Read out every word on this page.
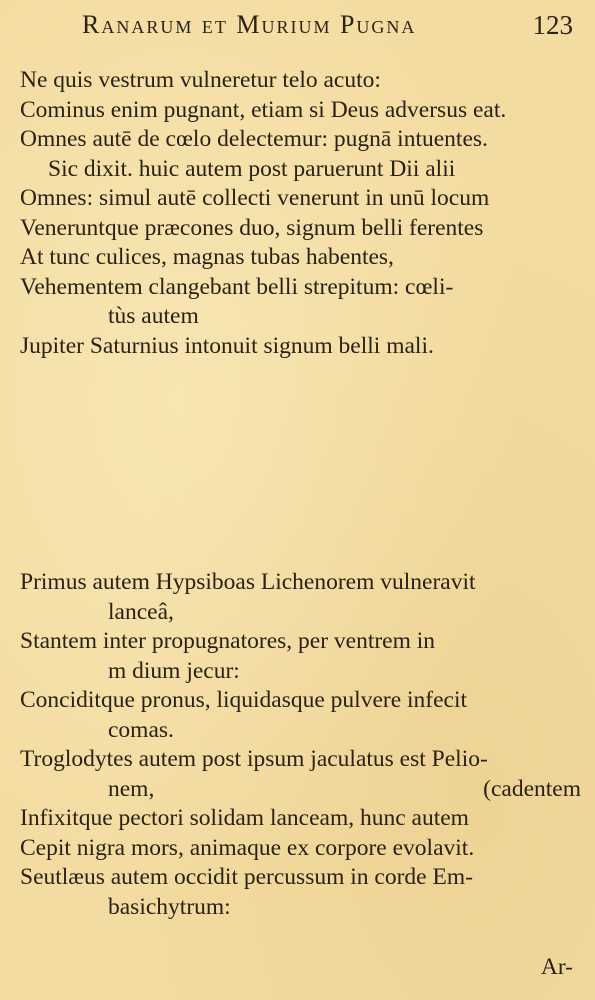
Ranarum et Murium Pugna	123
Ne quis vestrum vulneretur telo acuto:
Cominus enim pugnant, etiam si Deus adversus eat.
Omnes autē de cœlo delectemur: pugnā intuentes.
Sic dixit. huic autem post paruerunt Dii alii
Omnes: simul autē collecti venerunt in unū locum
Veneruntque præcones duo, signum belli ferentes
At tunc culices, magnas tubas habentes,
Vehementem clangebant belli strepitum: cœli-
tùs autem
Jupiter Saturnius intonuit signum belli mali.
Primus autem Hypsiboas Lichenorem vulneravit
lanceâ,
Stantem inter propugnatores, per ventrem in
m dium jecur:
Conciditque pronus, liquidasque pulvere infecit
comas.
Troglodytes autem post ipsum jaculatus est Pelio-
nem,	(cadentem
Infixitque pectori solidam lanceam, hunc autem
Cepit nigra mors, animaque ex corpore evolavit.
Seutlæus autem occidit percussum in corde Em-
basichytrum:
Ar-
